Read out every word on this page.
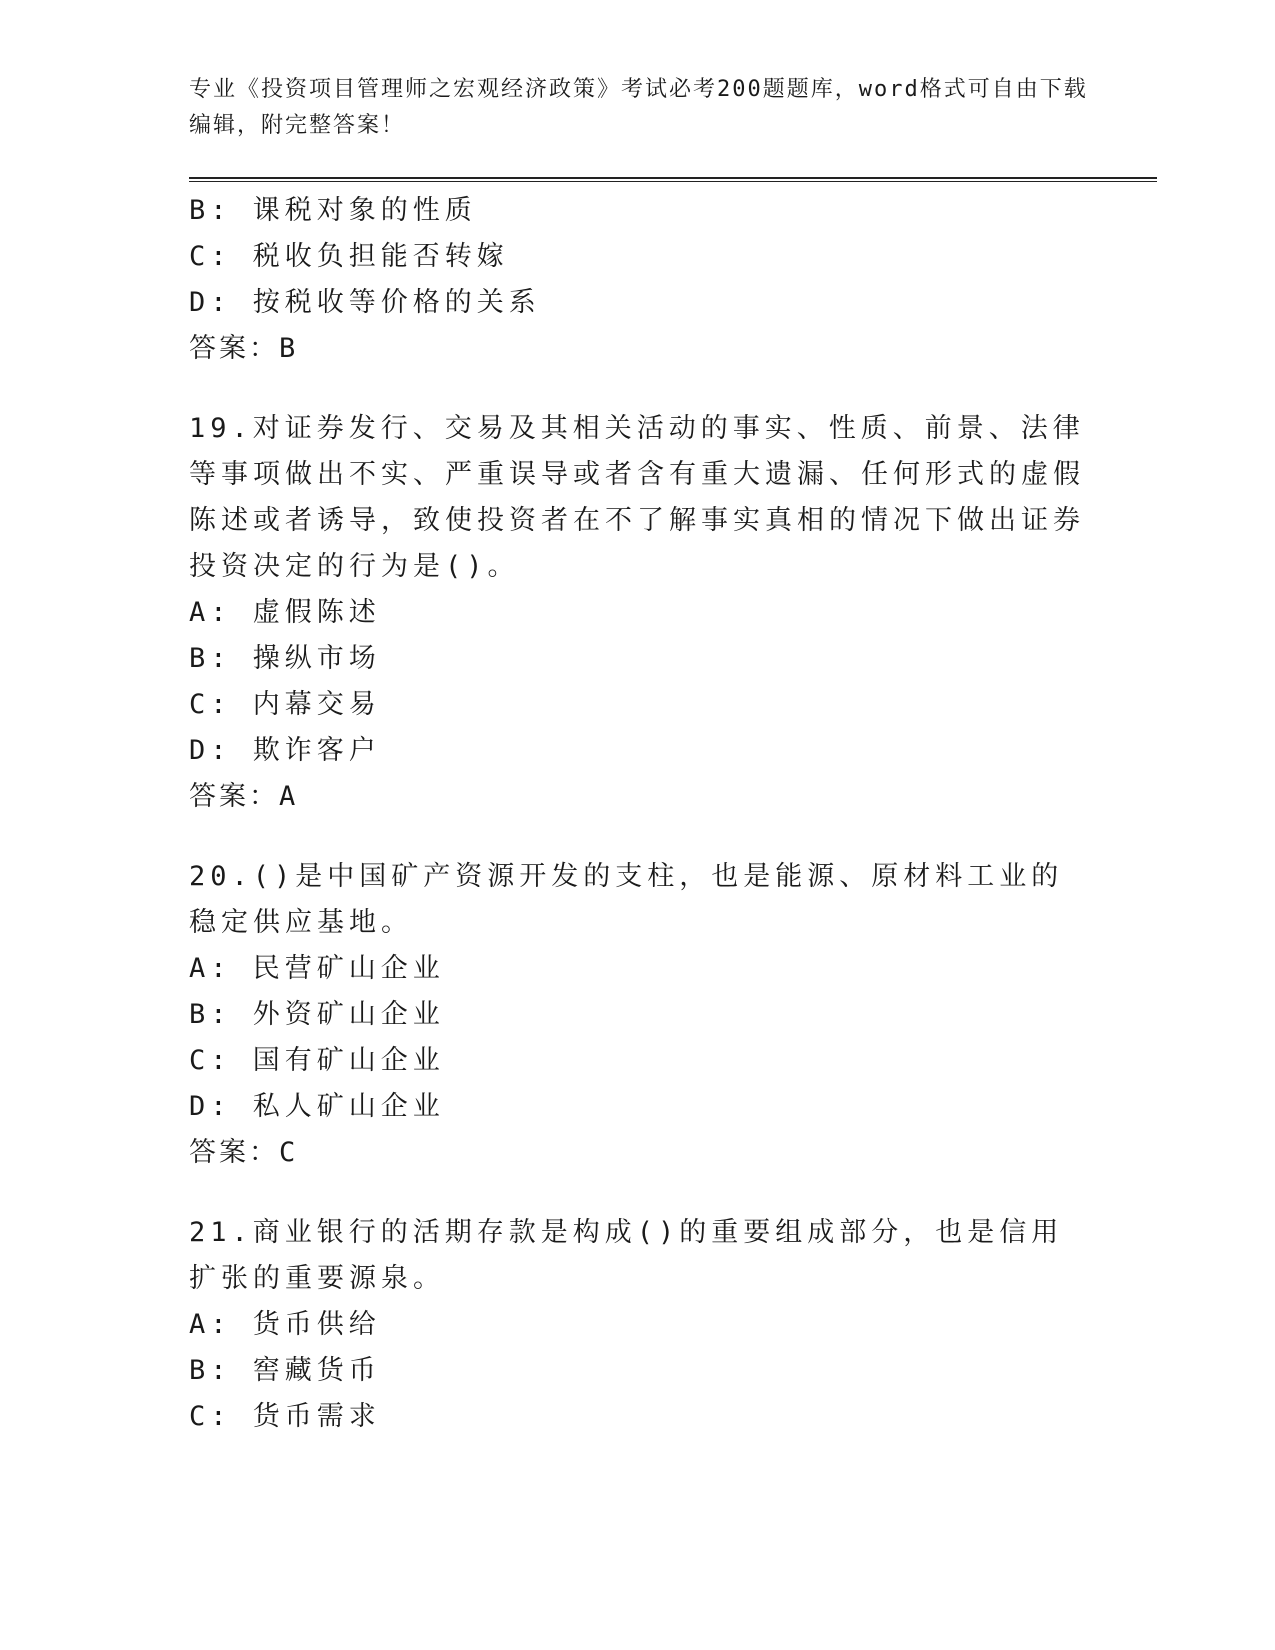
专业《投资项目管理师之宏观经济政策》考试必考200题题库，word格式可自由下载编辑，附完整答案！
B: 课税对象的性质
C: 税收负担能否转嫁
D: 按税收等价格的关系
答案：B
19.对证券发行、交易及其相关活动的事实、性质、前景、法律等事项做出不实、严重误导或者含有重大遗漏、任何形式的虚假陈述或者诱导，致使投资者在不了解事实真相的情况下做出证券投资决定的行为是()。
A: 虚假陈述
B: 操纵市场
C: 内幕交易
D: 欺诈客户
答案：A
20.()是中国矿产资源开发的支柱，也是能源、原材料工业的稳定供应基地。
A: 民营矿山企业
B: 外资矿山企业
C: 国有矿山企业
D: 私人矿山企业
答案：C
21.商业银行的活期存款是构成()的重要组成部分，也是信用扩张的重要源泉。
A: 货币供给
B: 窖藏货币
C: 货币需求
